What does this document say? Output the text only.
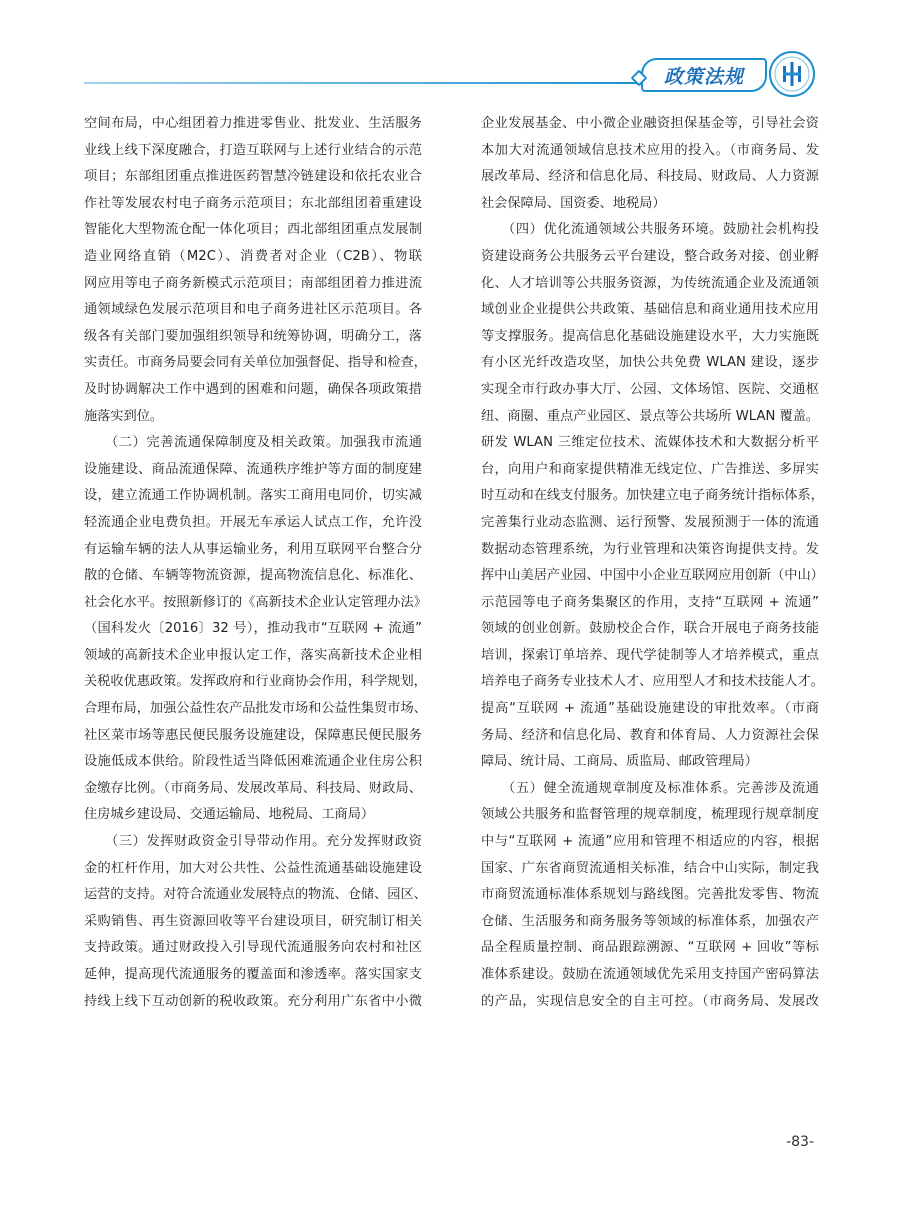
政策法规
空间布局，中心组团着力推进零售业、批发业、生活服务
业线上线下深度融合，打造互联网与上述行业结合的示范
项目；东部组团重点推进医药智慧冷链建设和依托农业合
作社等发展农村电子商务示范项目；东北部组团着重建设
智能化大型物流仓配一体化项目；西北部组团重点发展制
造业网络直销（M2C）、消费者对企业（C2B）、物联
网应用等电子商务新模式示范项目；南部组团着力推进流
通领域绿色发展示范项目和电子商务进社区示范项目。各
级各有关部门要加强组织领导和统筹协调，明确分工，落
实责任。市商务局要会同有关单位加强督促、指导和检查，
及时协调解决工作中遇到的困难和问题，确保各项政策措
施落实到位。
　　（二）完善流通保障制度及相关政策。加强我市流通
设施建设、商品流通保障、流通秩序维护等方面的制度建
设，建立流通工作协调机制。落实工商用电同价，切实减
轻流通企业电费负担。开展无车承运人试点工作，允许没
有运输车辆的法人从事运输业务，利用互联网平台整合分
散的仓储、车辆等物流资源，提高物流信息化、标准化、
社会化水平。按照新修订的《高新技术企业认定管理办法》
（国科发火〔2016〕32 号），推动我市“互联网 + 流通”
领域的高新技术企业申报认定工作，落实高新技术企业相
关税收优惠政策。发挥政府和行业商协会作用，科学规划，
合理布局，加强公益性农产品批发市场和公益性集贸市场、
社区菜市场等惠民便民服务设施建设，保障惠民便民服务
设施低成本供给。阶段性适当降低困难流通企业住房公积
金缴存比例。（市商务局、发展改革局、科技局、财政局、
住房城乡建设局、交通运输局、地税局、工商局）
　　（三）发挥财政资金引导带动作用。充分发挥财政资
金的杠杆作用，加大对公共性、公益性流通基础设施建设
运营的支持。对符合流通业发展特点的物流、仓储、园区、
采购销售、再生资源回收等平台建设项目，研究制订相关
支持政策。通过财政投入引导现代流通服务向农村和社区
延伸，提高现代流通服务的覆盖面和渗透率。落实国家支
持线上线下互动创新的税收政策。充分利用广东省中小微
企业发展基金、中小微企业融资担保基金等，引导社会资
本加大对流通领域信息技术应用的投入。（市商务局、发
展改革局、经济和信息化局、科技局、财政局、人力资源
社会保障局、国资委、地税局）
　　（四）优化流通领域公共服务环境。鼓励社会机构投
资建设商务公共服务云平台建设，整合政务对接、创业孵
化、人才培训等公共服务资源，为传统流通企业及流通领
域创业企业提供公共政策、基础信息和商业通用技术应用
等支撑服务。提高信息化基础设施建设水平，大力实施既
有小区光纤改造攻坚，加快公共免费 WLAN 建设，逐步
实现全市行政办事大厅、公园、文体场馆、医院、交通枢
纽、商圈、重点产业园区、景点等公共场所 WLAN 覆盖。
研发 WLAN 三维定位技术、流媒体技术和大数据分析平
台，向用户和商家提供精准无线定位、广告推送、多屏实
时互动和在线支付服务。加快建立电子商务统计指标体系，
完善集行业动态监测、运行预警、发展预测于一体的流通
数据动态管理系统，为行业管理和决策咨询提供支持。发
挥中山美居产业园、中国中小企业互联网应用创新（中山）
示范园等电子商务集聚区的作用，支持“互联网 + 流通”
领域的创业创新。鼓励校企合作，联合开展电子商务技能
培训，探索订单培养、现代学徒制等人才培养模式，重点
培养电子商务专业技术人才、应用型人才和技术技能人才。
提高“互联网 + 流通”基础设施建设的审批效率。（市商
务局、经济和信息化局、教育和体育局、人力资源社会保
障局、统计局、工商局、质监局、邮政管理局）
　　（五）健全流通规章制度及标准体系。完善涉及流通
领域公共服务和监督管理的规章制度，梳理现行规章制度
中与“互联网 + 流通”应用和管理不相适应的内容，根据
国家、广东省商贸流通相关标准，结合中山实际，制定我
市商贸流通标准体系规划与路线图。完善批发零售、物流
仓储、生活服务和商务服务等领域的标准体系，加强农产
品全程质量控制、商品跟踪溯源、“互联网 + 回收”等标
准体系建设。鼓励在流通领域优先采用支持国产密码算法
的产品，实现信息安全的自主可控。（市商务局、发展改
-83-
